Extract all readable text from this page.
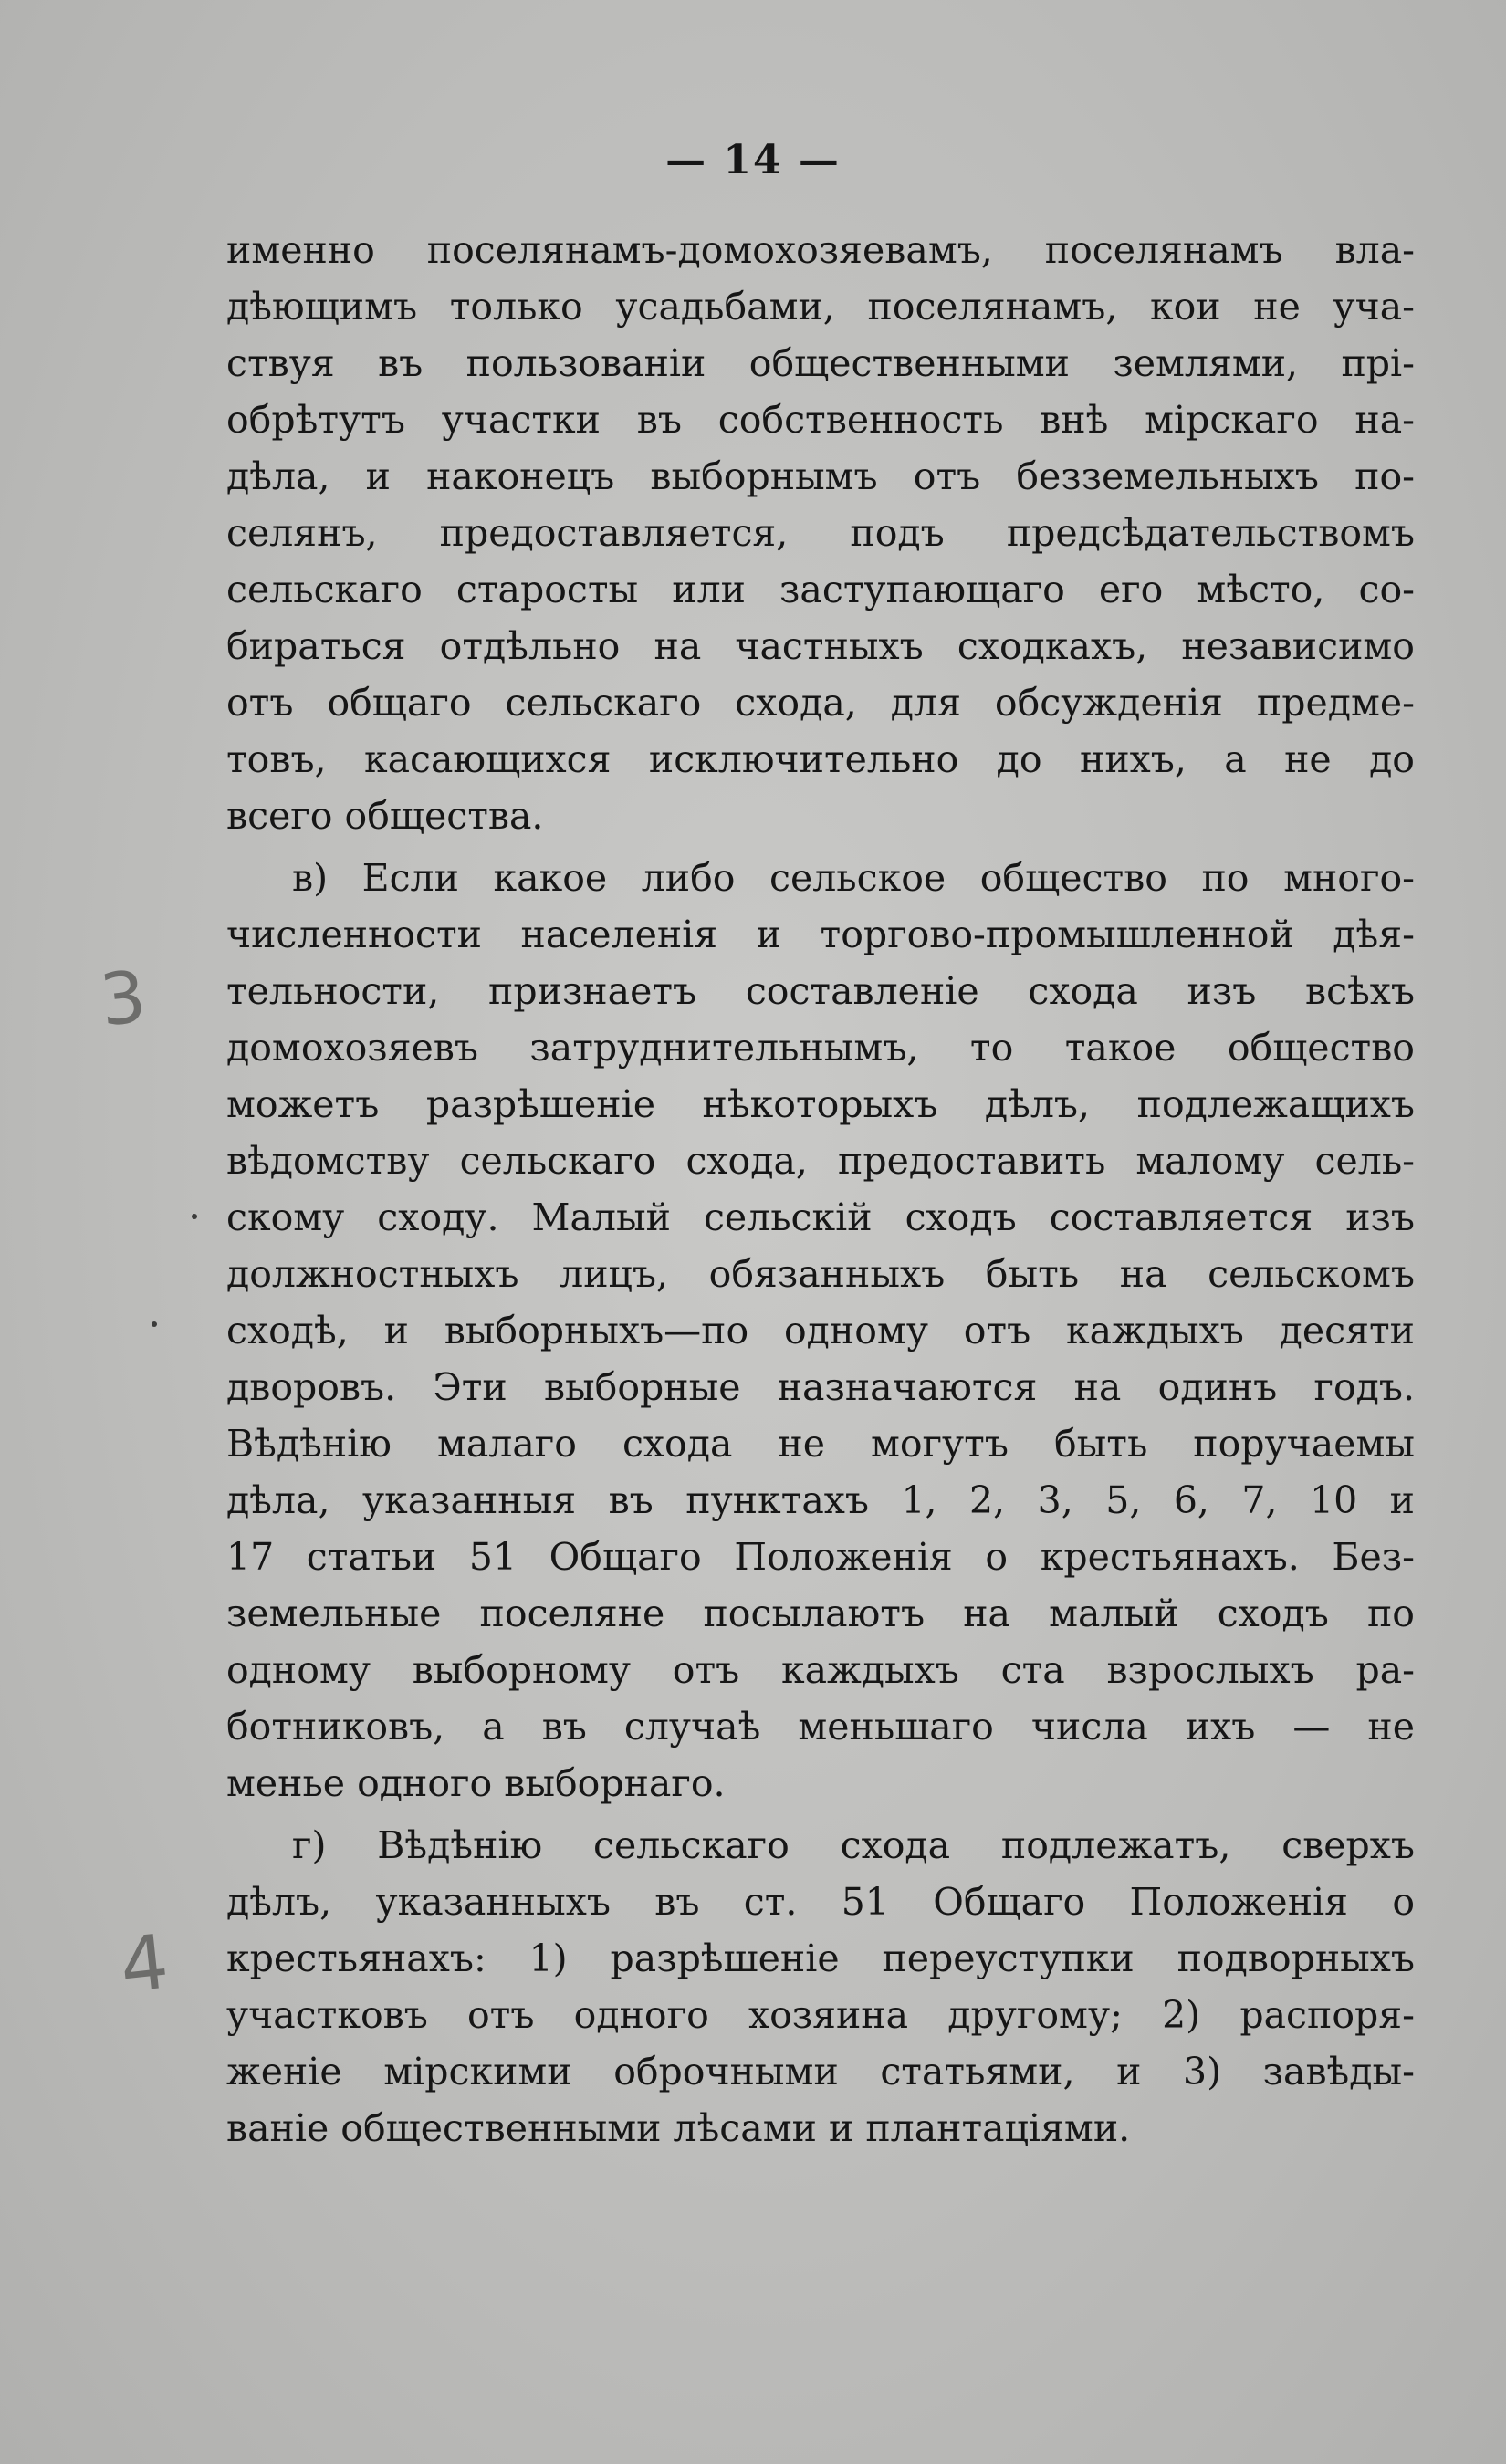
— 14 —
именно поселянамъ-домохозяевамъ, поселянамъ вла-
дѣющимъ только усадьбами, поселянамъ, кои не уча-
ствуя въ пользованіи общественными землями, прі-
обрѣтутъ участки въ собственность внѣ мірскаго на-
дѣла, и наконецъ выборнымъ отъ безземельныхъ по-
селянъ, предоставляется, подъ предсѣдательствомъ
сельскаго старосты или заступающаго его мѣсто, со-
бираться отдѣльно на частныхъ сходкахъ, независимо
отъ общаго сельскаго схода, для обсужденія предме-
товъ, касающихся исключительно до нихъ, а не до
всего общества.
в) Если какое либо сельское общество по много-
численности населенія и торгово-промышленной дѣя-
тельности, признаетъ составленіе схода изъ всѣхъ
домохозяевъ затруднительнымъ, то такое общество
можетъ разрѣшеніе нѣкоторыхъ дѣлъ, подлежащихъ
вѣдомству сельскаго схода, предоставить малому сель-
скому сходу. Малый сельскій сходъ составляется изъ
должностныхъ лицъ, обязанныхъ быть на сельскомъ
сходѣ, и выборныхъ—по одному отъ каждыхъ десяти
дворовъ. Эти выборные назначаются на одинъ годъ.
Вѣдѣнію малаго схода не могутъ быть поручаемы
дѣла, указанныя въ пунктахъ 1, 2, 3, 5, 6, 7, 10 и
17 статьи 51 Общаго Положенія о крестьянахъ. Без-
земельные поселяне посылаютъ на малый сходъ по
одному выборному отъ каждыхъ ста взрослыхъ ра-
ботниковъ, а въ случаѣ меньшаго числа ихъ — не
менье одного выборнаго.
г) Вѣдѣнію сельскаго схода подлежатъ, сверхъ
дѣлъ, указанныхъ въ ст. 51 Общаго Положенія о
крестьянахъ: 1) разрѣшеніе переуступки подворныхъ
участковъ отъ одного хозяина другому; 2) распоря-
женіе мірскими оброчными статьями, и 3) завѣды-
ваніе общественными лѣсами и плантаціями.
3
4
